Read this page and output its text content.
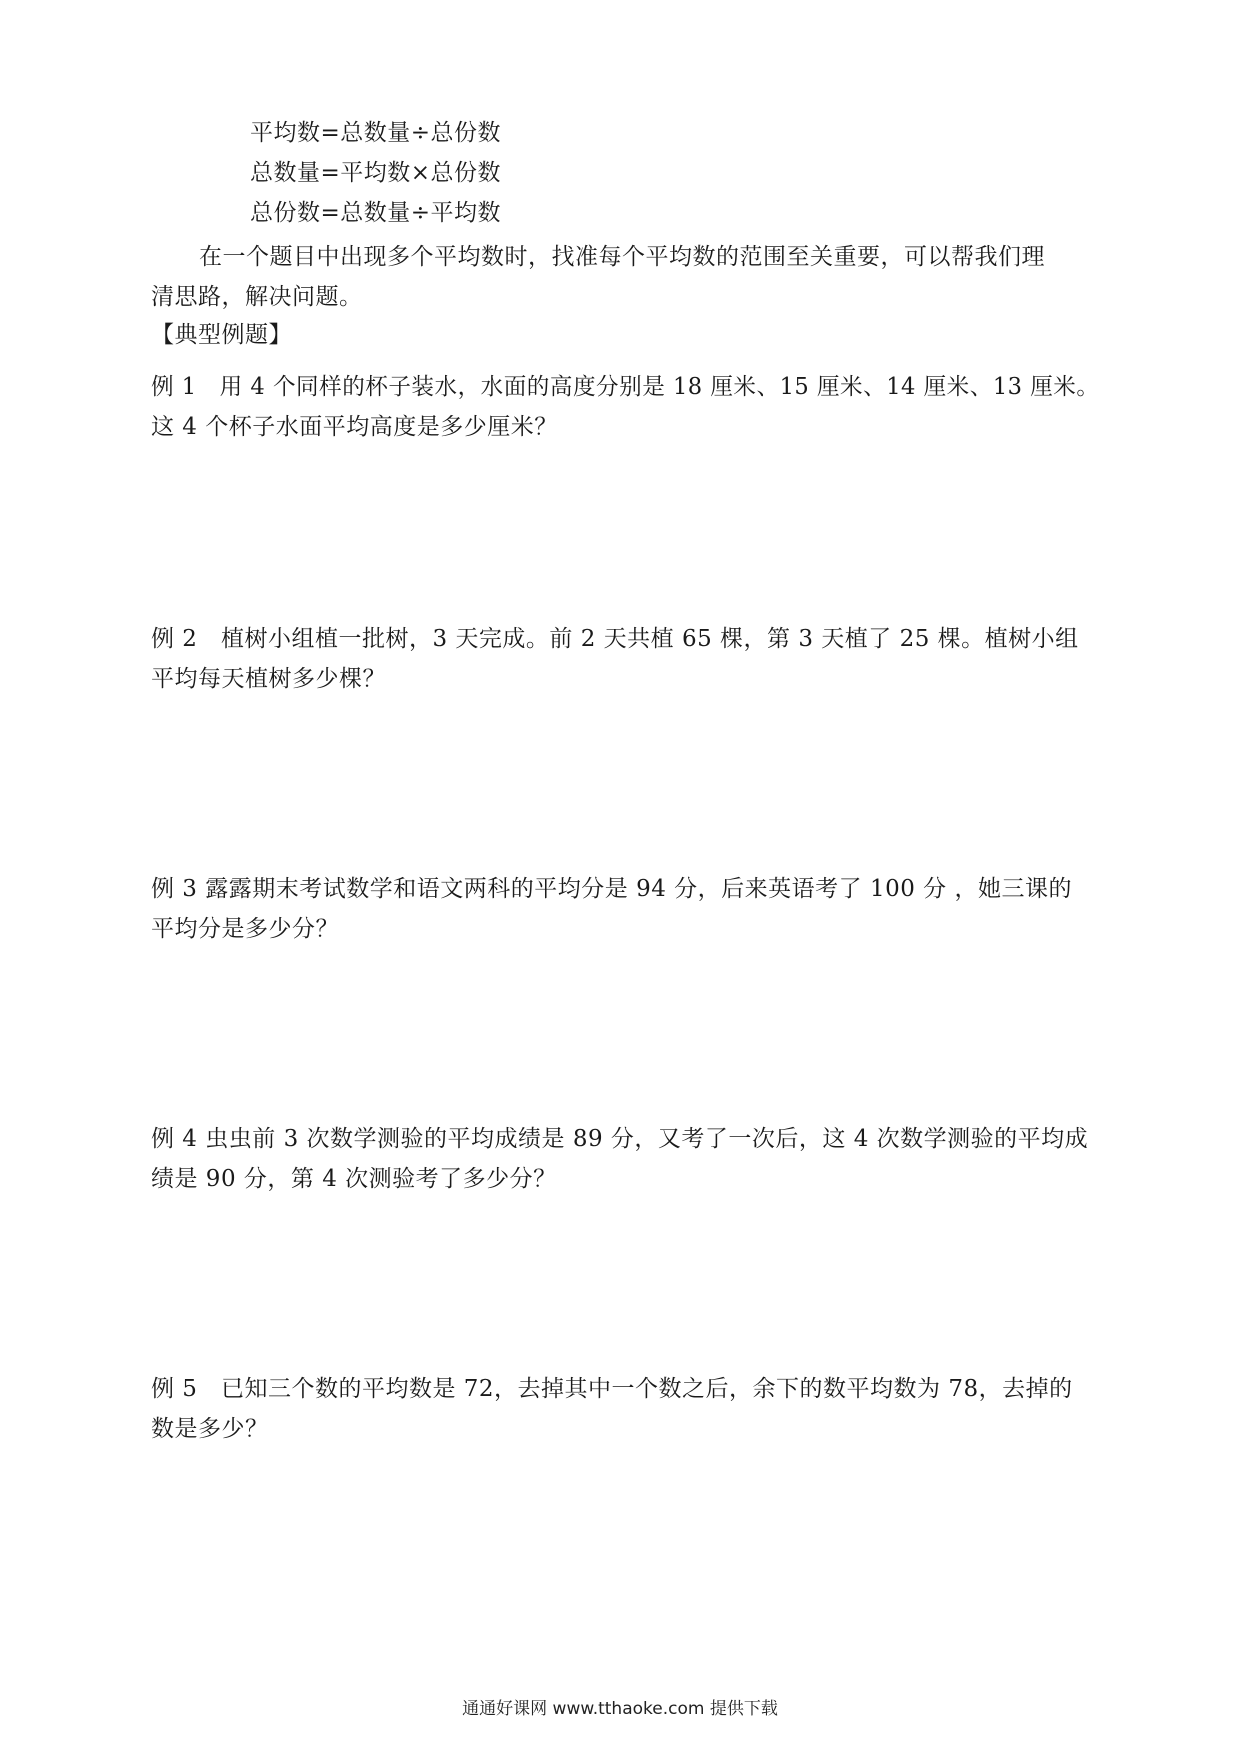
平均数=总数量÷总份数
总数量=平均数×总份数
总份数=总数量÷平均数
在一个题目中出现多个平均数时，找准每个平均数的范围至关重要，可以帮我们理
清思路，解决问题。
【典型例题】
例 1　用 4 个同样的杯子装水，水面的高度分别是 18 厘米、15 厘米、14 厘米、13 厘米。
这 4 个杯子水面平均高度是多少厘米？
例 2　植树小组植一批树，3 天完成。前 2 天共植 65 棵，第 3 天植了 25 棵。植树小组
平均每天植树多少棵？
例 3 露露期末考试数学和语文两科的平均分是 94 分，后来英语考了 100 分 ，她三课的
平均分是多少分？
例 4 虫虫前 3 次数学测验的平均成绩是 89 分，又考了一次后，这 4 次数学测验的平均成
绩是 90 分，第 4 次测验考了多少分？
例 5　已知三个数的平均数是 72，去掉其中一个数之后，余下的数平均数为 78，去掉的
数是多少？
通通好课网 www.tthaoke.com 提供下载
